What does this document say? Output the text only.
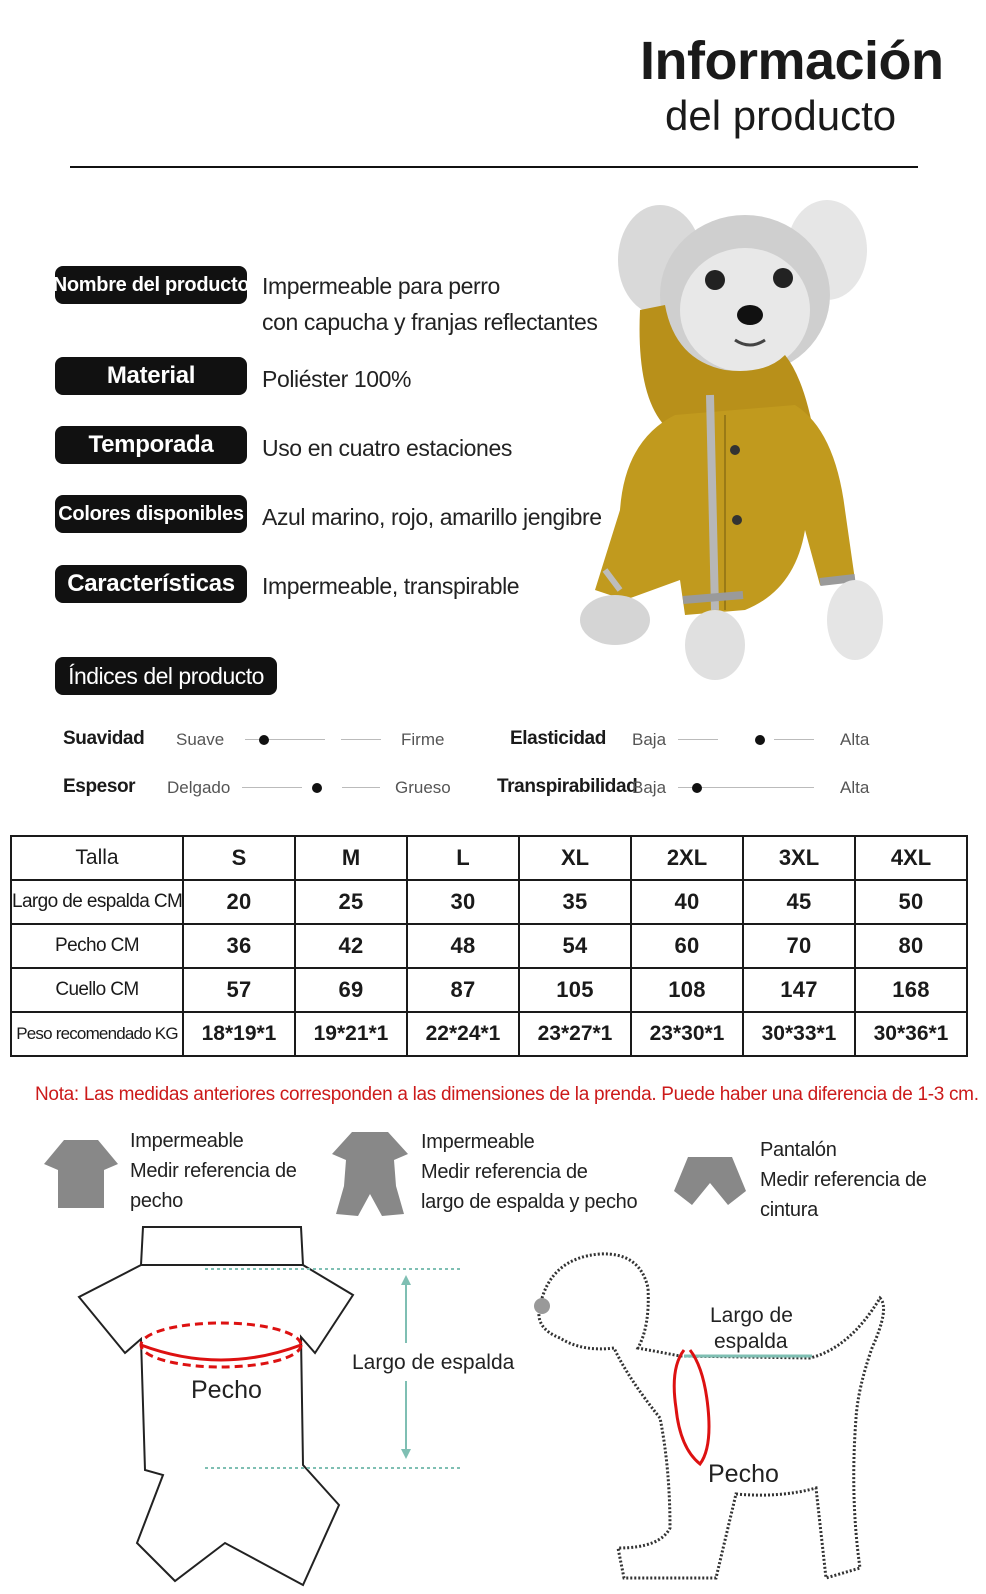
Información
del producto
Nombre del producto Impermeable para perro
con capucha y franjas reflectantes
Material	Poliéster 100%
Temporada	Uso en cuatro estaciones
Colores disponibles Azul marino, rojo, amarillo jengibre
Características	Impermeable, transpirable
Índices del producto
Suavidad Suave	Firme	Elasticidad Baja	Alta
Espesor Delgado	Grueso Transpirabilidad
Baja	Alta
Talla	S	M	L	XL	2XL	3XL	4XL
Largo de espalda CM	20	25	30	35	40	45	50
Pecho CM	36	42	48	54	60	70	80
Cuello CM	57	69	87	105	108	147	168
Peso recomendado KG	18*19*1	19*21*1	22*24*1	23*27*1	23*30*1	30*33*1	30*36*1
Nota: Las medidas anteriores corresponden a las dimensiones de la prenda. Puede haber una diferencia de 1-3 cm.
Impermeable
Medir referencia de
pecho
Impermeable
Medir referencia de
largo de espalda y pecho
Pantalón
Medir referencia de
cintura
Pecho
Largo de espalda
Largo de
espalda
Pecho
